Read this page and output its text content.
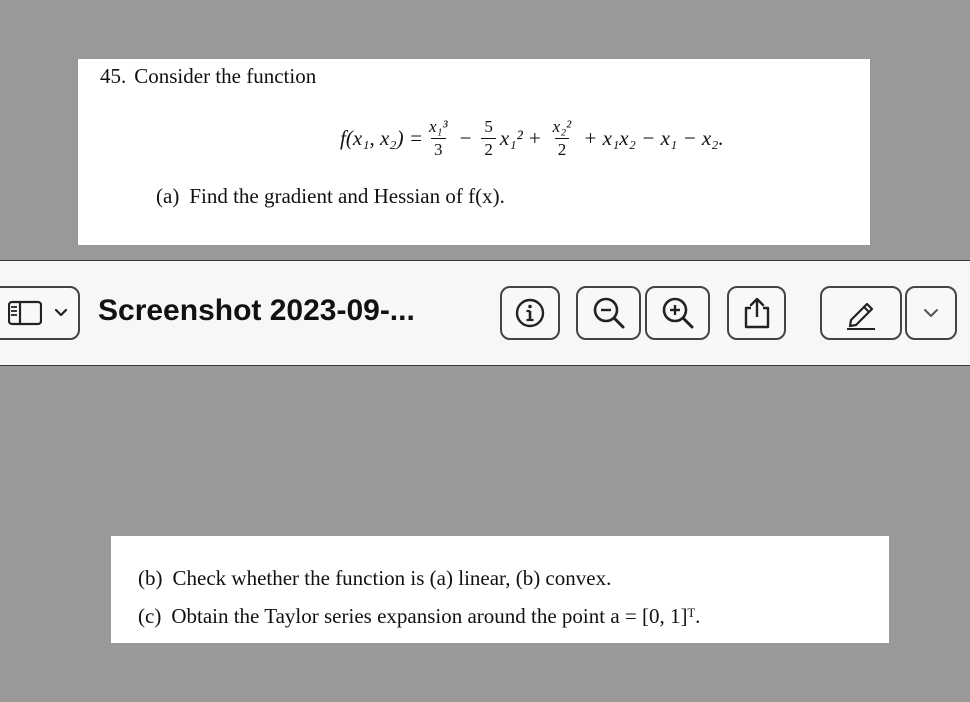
45. Consider the function
f(x₁, $x_2) = \frac{\text{x₁³}}{3} - \frac{5}{2} x_1^2 + \frac{\text{x₂²}}{2} + x_1x_2 - x_1 - x_2$.
(a) Find the gradient and Hessian of f(x).
Screenshot 2023-09-...
(b) Check whether the function is (a) linear, (b) convex.
(c) Obtain the Taylor series expansion around the point a = [0, 1]ᵀ.
